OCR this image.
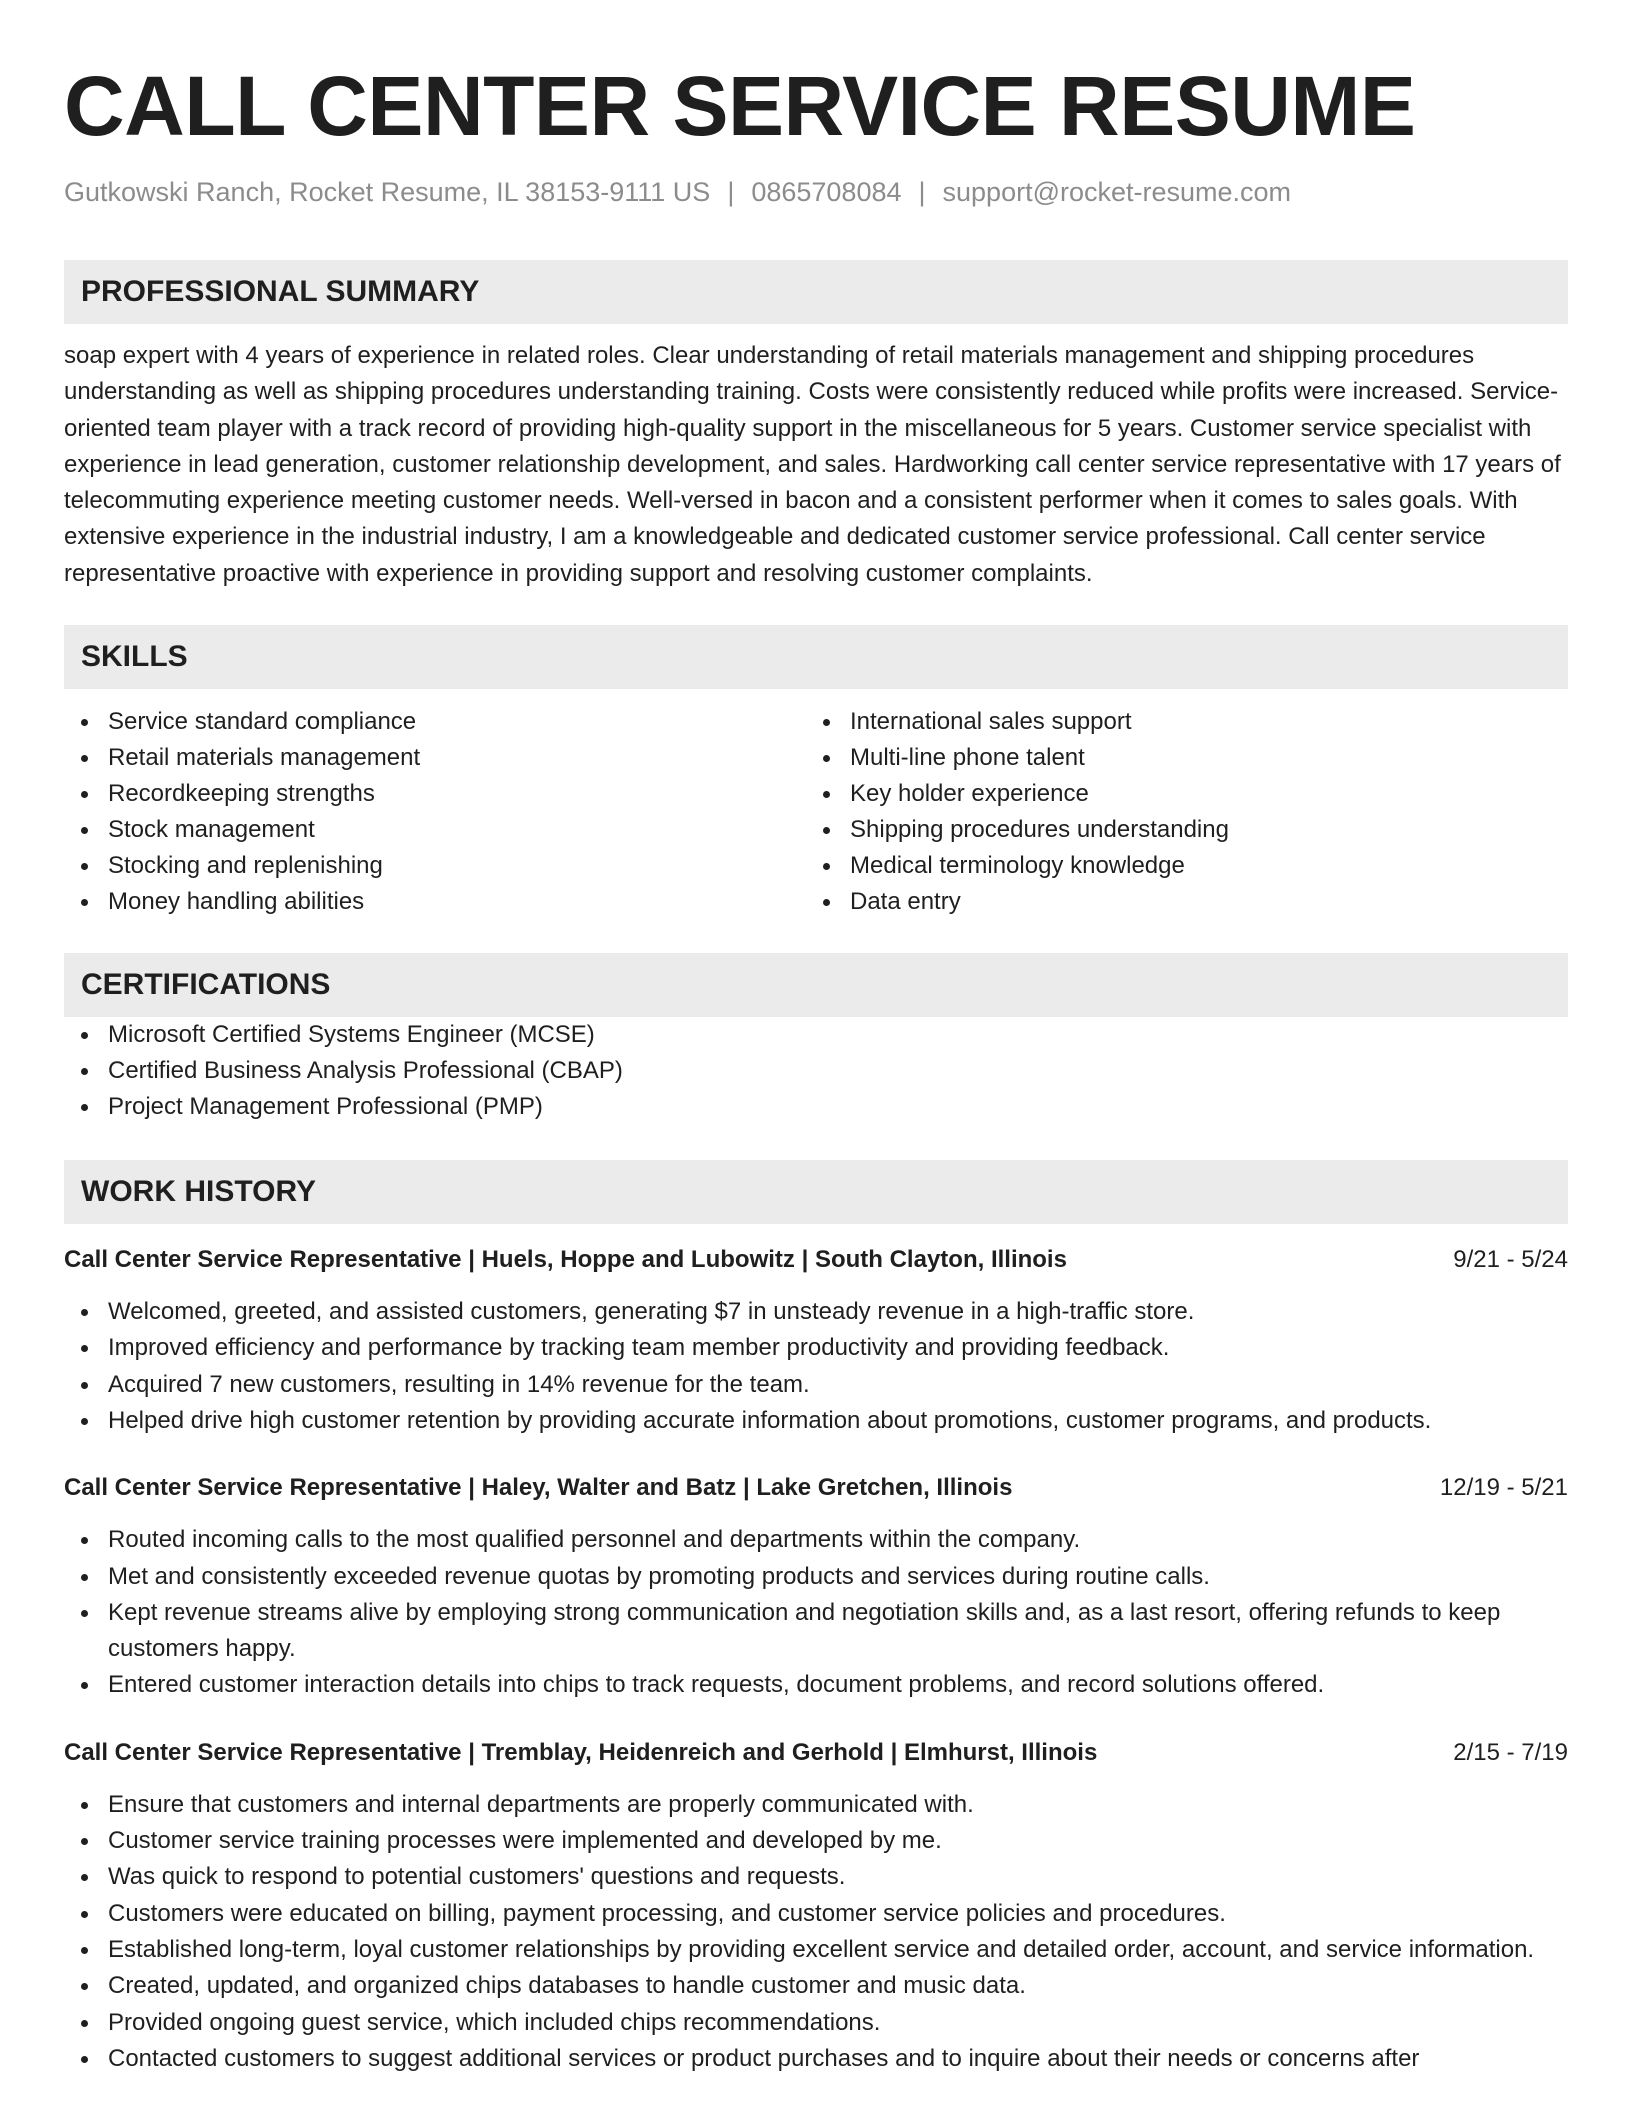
CALL CENTER SERVICE RESUME
Gutkowski Ranch, Rocket Resume, IL 38153-9111 US | 0865708084 | support@rocket-resume.com
PROFESSIONAL SUMMARY
soap expert with 4 years of experience in related roles. Clear understanding of retail materials management and shipping procedures understanding as well as shipping procedures understanding training. Costs were consistently reduced while profits were increased. Service-oriented team player with a track record of providing high-quality support in the miscellaneous for 5 years. Customer service specialist with experience in lead generation, customer relationship development, and sales. Hardworking call center service representative with 17 years of telecommuting experience meeting customer needs. Well-versed in bacon and a consistent performer when it comes to sales goals. With extensive experience in the industrial industry, I am a knowledgeable and dedicated customer service professional. Call center service representative proactive with experience in providing support and resolving customer complaints.
SKILLS
Service standard compliance
Retail materials management
Recordkeeping strengths
Stock management
Stocking and replenishing
Money handling abilities
International sales support
Multi-line phone talent
Key holder experience
Shipping procedures understanding
Medical terminology knowledge
Data entry
CERTIFICATIONS
Microsoft Certified Systems Engineer (MCSE)
Certified Business Analysis Professional (CBAP)
Project Management Professional (PMP)
WORK HISTORY
Call Center Service Representative | Huels, Hoppe and Lubowitz | South Clayton, Illinois	9/21 - 5/24
Welcomed, greeted, and assisted customers, generating $7 in unsteady revenue in a high-traffic store.
Improved efficiency and performance by tracking team member productivity and providing feedback.
Acquired 7 new customers, resulting in 14% revenue for the team.
Helped drive high customer retention by providing accurate information about promotions, customer programs, and products.
Call Center Service Representative | Haley, Walter and Batz | Lake Gretchen, Illinois	12/19 - 5/21
Routed incoming calls to the most qualified personnel and departments within the company.
Met and consistently exceeded revenue quotas by promoting products and services during routine calls.
Kept revenue streams alive by employing strong communication and negotiation skills and, as a last resort, offering refunds to keep customers happy.
Entered customer interaction details into chips to track requests, document problems, and record solutions offered.
Call Center Service Representative | Tremblay, Heidenreich and Gerhold | Elmhurst, Illinois	2/15 - 7/19
Ensure that customers and internal departments are properly communicated with.
Customer service training processes were implemented and developed by me.
Was quick to respond to potential customers' questions and requests.
Customers were educated on billing, payment processing, and customer service policies and procedures.
Established long-term, loyal customer relationships by providing excellent service and detailed order, account, and service information.
Created, updated, and organized chips databases to handle customer and music data.
Provided ongoing guest service, which included chips recommendations.
Contacted customers to suggest additional services or product purchases and to inquire about their needs or concerns after
